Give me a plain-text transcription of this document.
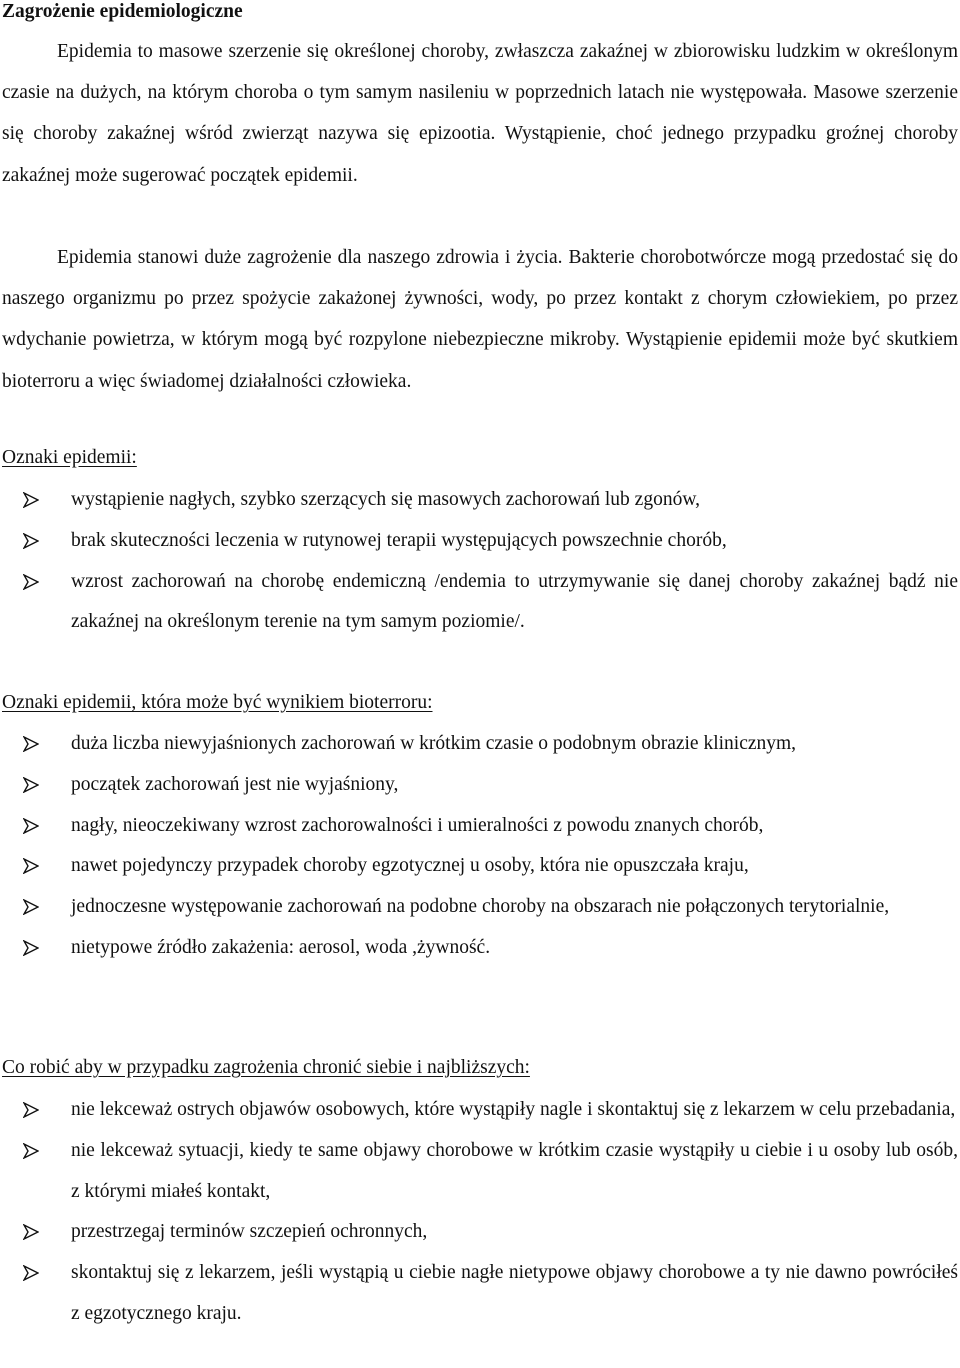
Zagrożenie epidemiologiczne

Epidemia to masowe szerzenie się określonej choroby, zwłaszcza zakaźnej w zbiorowisku ludzkim w określonym czasie na dużych, na którym choroba o tym samym nasileniu w poprzednich latach nie występowała. Masowe szerzenie się choroby zakaźnej wśród zwierząt nazywa się epizootia. Wystąpienie, choć jednego przypadku groźnej choroby zakaźnej może sugerować początek epidemii.

Epidemia stanowi duże zagrożenie dla naszego zdrowia i życia. Bakterie chorobotwórcze mogą przedostać się do naszego organizmu po przez spożycie zakażonej żywności, wody, po przez kontakt z chorym człowiekiem, po przez wdychanie powietrza, w którym mogą być rozpylone niebezpieczne mikroby. Wystąpienie epidemii może być skutkiem bioterroru a więc świadomej działalności człowieka.

Oznaki epidemii:
wystąpienie nagłych, szybko szerzących się masowych zachorowań lub zgonów,
brak skuteczności leczenia w rutynowej terapii występujących powszechnie chorób,
wzrost zachorowań na chorobę endemiczną /endemia to utrzymywanie się danej choroby zakaźnej bądź nie zakaźnej na określonym terenie na tym samym poziomie/.
Oznaki epidemii, która może być wynikiem bioterroru:
duża liczba niewyjaśnionych zachorowań w krótkim czasie o podobnym obrazie klinicznym,
początek zachorowań jest nie wyjaśniony,
nagły, nieoczekiwany wzrost zachorowalności i umieralności z powodu znanych chorób,
nawet pojedynczy przypadek choroby egzotycznej u osoby, która nie opuszczała kraju,
jednoczesne występowanie zachorowań na podobne choroby na obszarach nie połączonych terytorialnie,
nietypowe źródło zakażenia: aerosol, woda ,żywność.
Co robić aby w przypadku zagrożenia chronić siebie i najbliższych:
nie lekceważ ostrych objawów osobowych, które wystąpiły nagle i skontaktuj się z lekarzem w celu przebadania,
nie lekceważ sytuacji, kiedy te same objawy chorobowe w krótkim czasie wystąpiły u ciebie i u osoby lub osób, z którymi miałeś kontakt,
przestrzegaj terminów szczepień ochronnych,
skontaktuj się z lekarzem, jeśli wystąpią u ciebie nagłe nietypowe objawy chorobowe a ty nie dawno powróciłeś z egzotycznego kraju.
